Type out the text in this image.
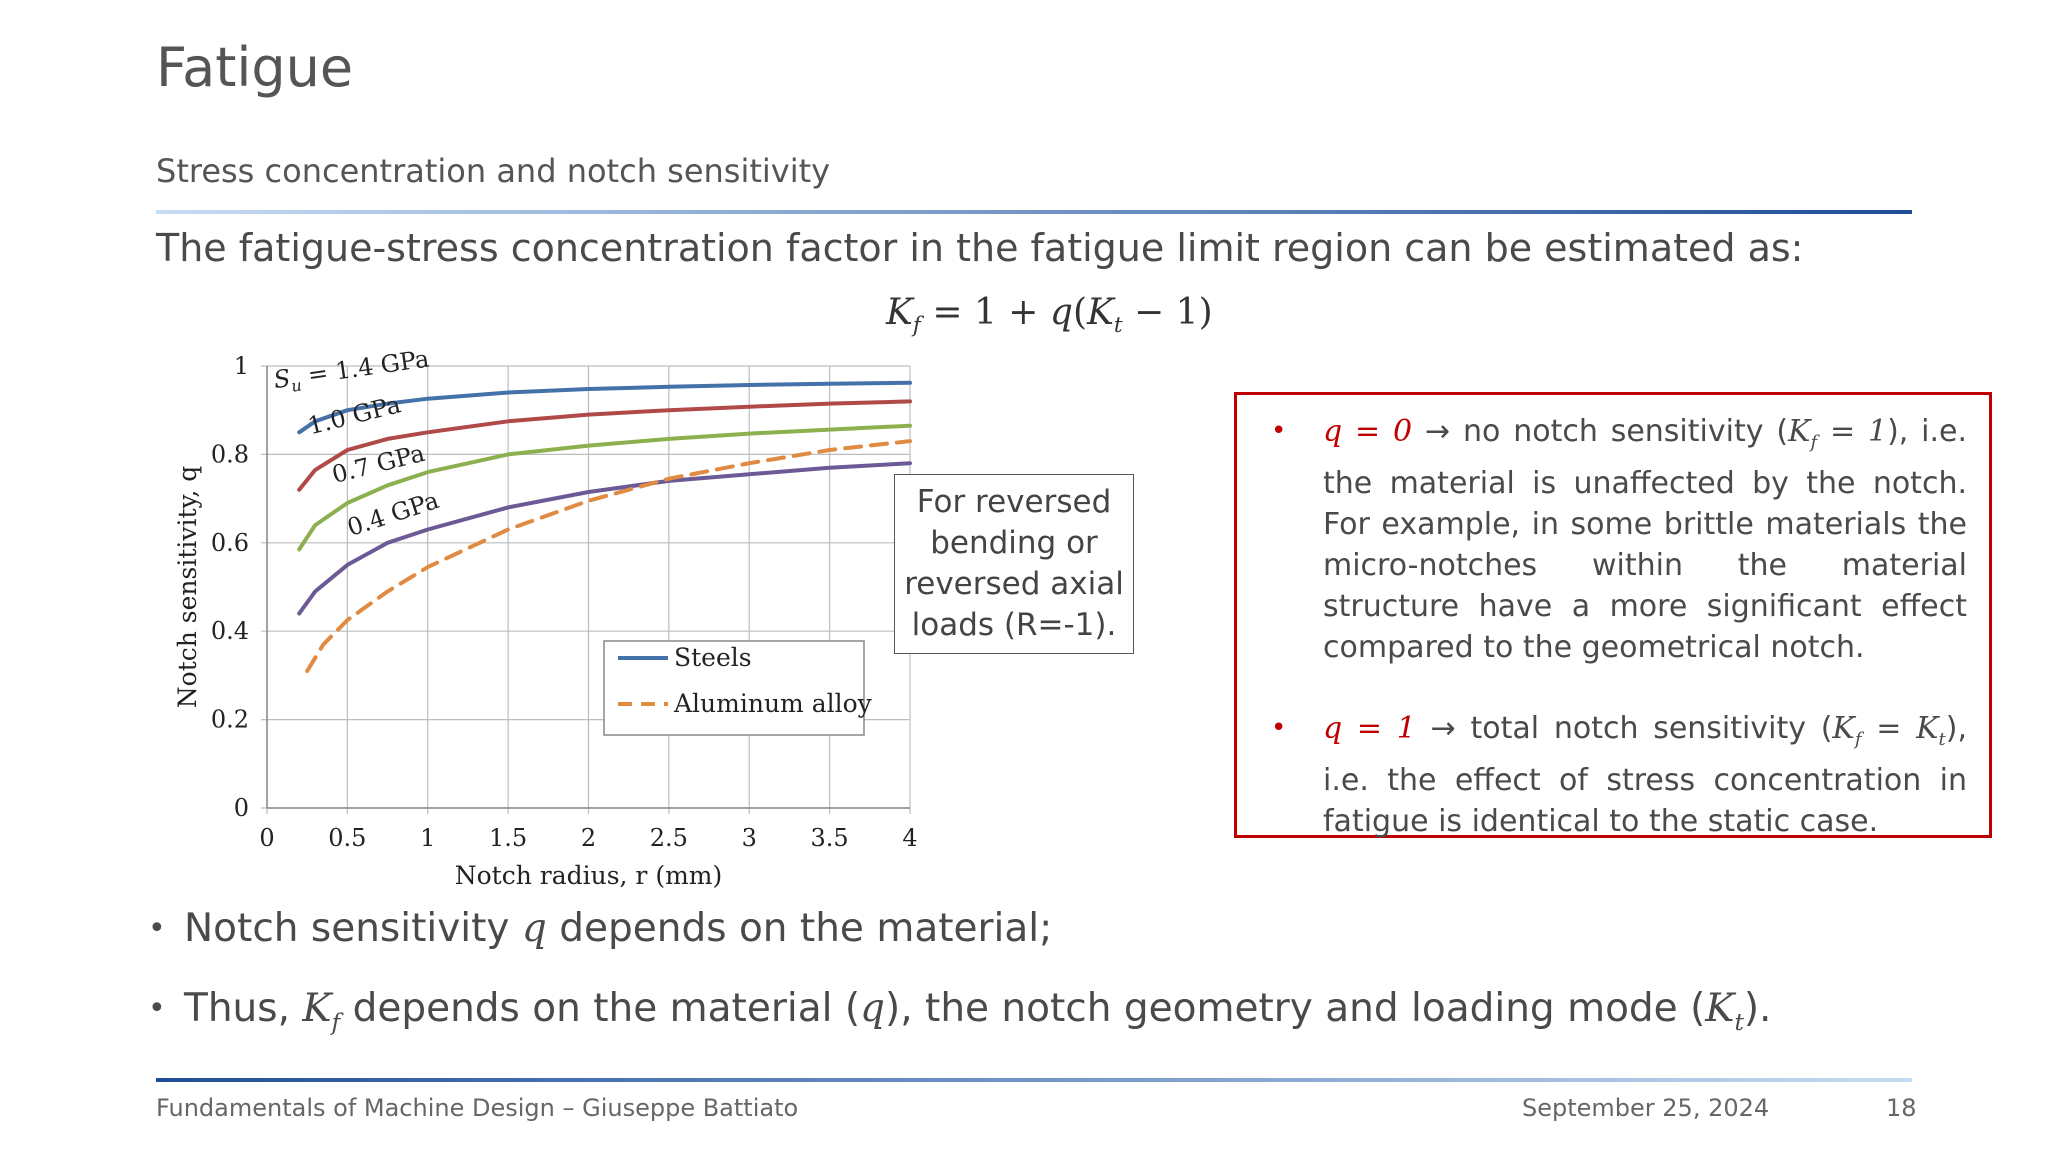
Fatigue
Stress concentration and notch sensitivity
The fatigue-stress concentration factor in the fatigue limit region can be estimated as:
$K_f = 1 + q(K_t - 1)$
0 0.5 1 1.5 2 2.5 3 3.5 4
0
0.2
0.4
0.6
0.8
1
Notch radius, r (mm)
Notch sensitivity, q
$S_u = 1.4$ GPa
1.0 GPa
0.7 GPa
0.4 GPa
Steels
Aluminum alloy
For reversed bending or reversed axial loads (R=-1).
• q = 0 → no notch sensitivity $(K_f = 1)$, i.e. the material is unaffected by the notch. For example, in some brittle materials the micro-notches within the material structure have a more significant effect compared to the geometrical notch.
• q = 1 → total notch sensitivity $(K_f = K_t)$, i.e. the effect of stress concentration in fatigue is identical to the static case.
• Notch sensitivity q depends on the material;
• Thus, $K_f$ depends on the material (q), the notch geometry and loading mode $(K_t)$.
Fundamentals of Machine Design – Giuseppe Battiato	September 25, 2024	18
